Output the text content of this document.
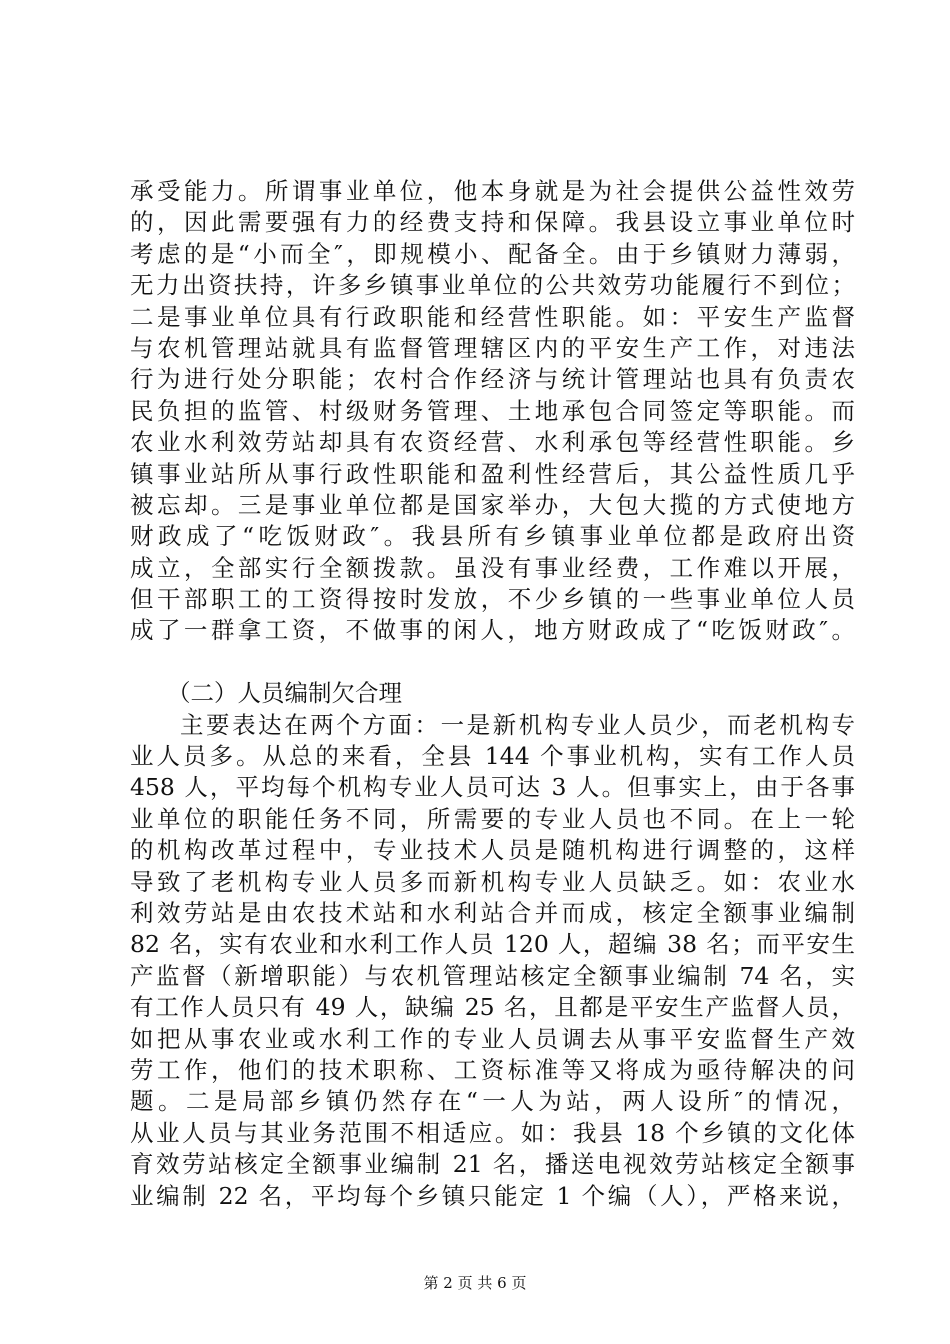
承受能力。所谓事业单位，他本身就是为社会提供公益性效劳
的，因此需要强有力的经费支持和保障。我县设立事业单位时
考虑的是“小而全″，即规模小、配备全。由于乡镇财力薄弱，
无力出资扶持，许多乡镇事业单位的公共效劳功能履行不到位；
二是事业单位具有行政职能和经营性职能。如：平安生产监督
与农机管理站就具有监督管理辖区内的平安生产工作，对违法
行为进行处分职能；农村合作经济与统计管理站也具有负责农
民负担的监管、村级财务管理、土地承包合同签定等职能。而
农业水利效劳站却具有农资经营、水利承包等经营性职能。乡
镇事业站所从事行政性职能和盈利性经营后，其公益性质几乎
被忘却。三是事业单位都是国家举办，大包大揽的方式使地方
财政成了“吃饭财政″。我县所有乡镇事业单位都是政府出资
成立，全部实行全额拨款。虽没有事业经费，工作难以开展，
但干部职工的工资得按时发放，不少乡镇的一些事业单位人员
成了一群拿工资，不做事的闲人，地方财政成了“吃饭财政″。
（二）人员编制欠合理
主要表达在两个方面：一是新机构专业人员少，而老机构专
业人员多。从总的来看，全县 144 个事业机构，实有工作人员
458 人，平均每个机构专业人员可达 3 人。但事实上，由于各事
业单位的职能任务不同，所需要的专业人员也不同。在上一轮
的机构改革过程中，专业技术人员是随机构进行调整的，这样
导致了老机构专业人员多而新机构专业人员缺乏。如：农业水
利效劳站是由农技术站和水利站合并而成，核定全额事业编制
82 名，实有农业和水利工作人员 120 人，超编 38 名；而平安生
产监督（新增职能）与农机管理站核定全额事业编制 74 名，实
有工作人员只有 49 人，缺编 25 名，且都是平安生产监督人员，
如把从事农业或水利工作的专业人员调去从事平安监督生产效
劳工作，他们的技术职称、工资标准等又将成为亟待解决的问
题。二是局部乡镇仍然存在“一人为站，两人设所″的情况，
从业人员与其业务范围不相适应。如：我县 18 个乡镇的文化体
育效劳站核定全额事业编制 21 名，播送电视效劳站核定全额事
业编制 22 名，平均每个乡镇只能定 1 个编（人），严格来说，
第 2 页 共 6 页
